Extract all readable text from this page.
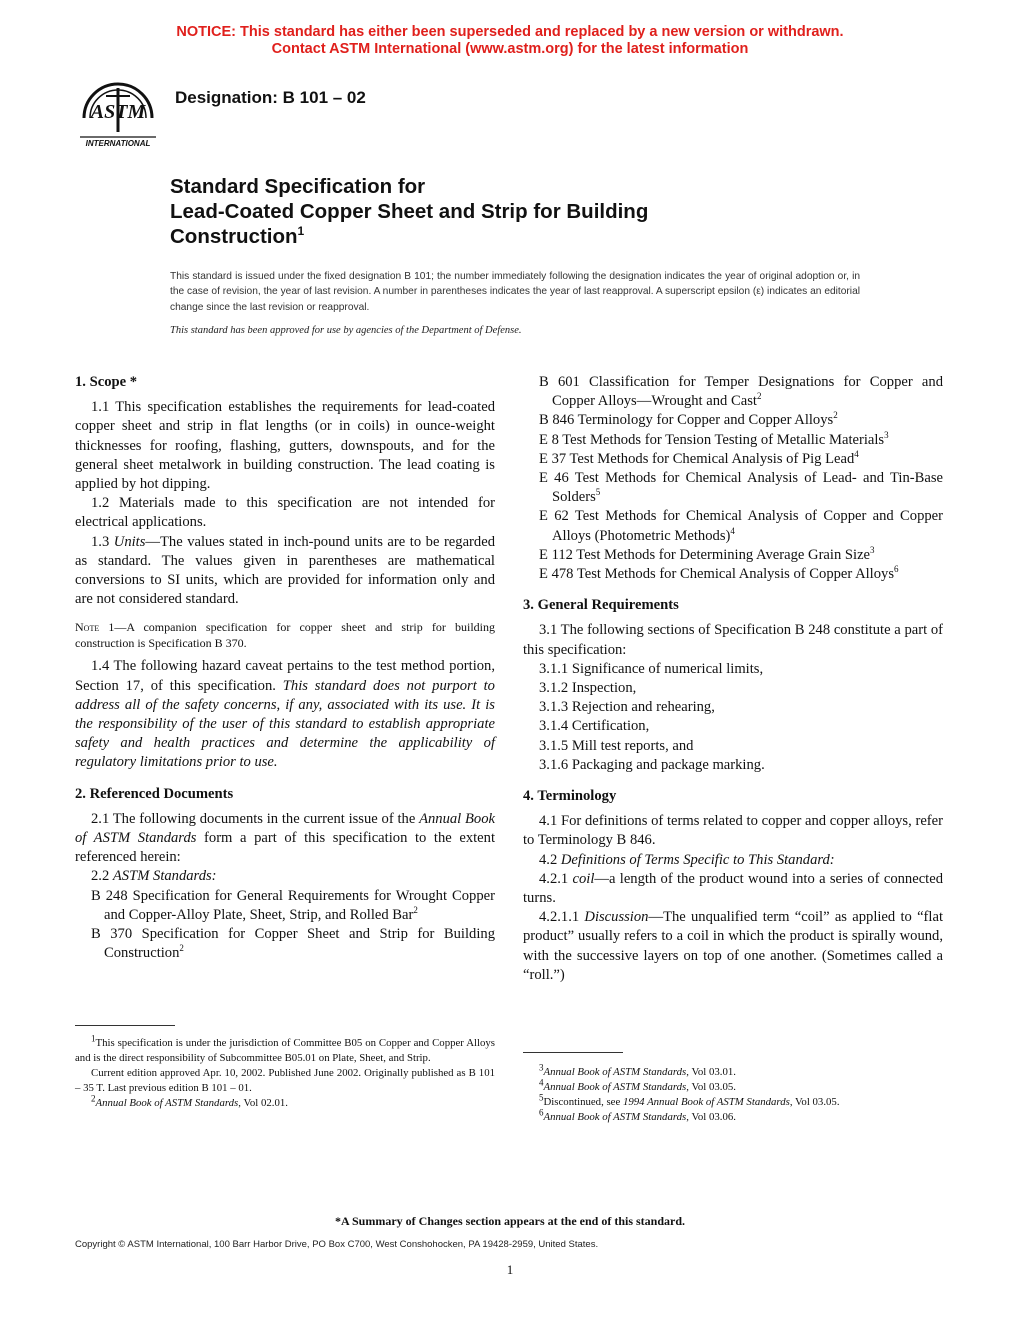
NOTICE: This standard has either been superseded and replaced by a new version or withdrawn.
Contact ASTM International (www.astm.org) for the latest information
ASTM
INTERNATIONAL
Designation: B 101 – 02
Standard Specification for
Lead-Coated Copper Sheet and Strip for Building
Construction$^1$
This standard is issued under the fixed designation B 101; the number immediately following the designation indicates the year of original adoption or, in the case of revision, the year of last revision. A number in parentheses indicates the year of last reapproval. A superscript epsilon (ε) indicates an editorial change since the last revision or reapproval.
This standard has been approved for use by agencies of the Department of Defense.

1. Scope *

1.1 This specification establishes the requirements for lead-coated copper sheet and strip in flat lengths (or in coils) in ounce-weight thicknesses for roofing, flashing, gutters, downspouts, and for the general sheet metalwork in building construction. The lead coating is applied by hot dipping.

1.2 Materials made to this specification are not intended for electrical applications.

1.3 Units—The values stated in inch-pound units are to be regarded as standard. The values given in parentheses are mathematical conversions to SI units, which are provided for information only and are not considered standard.

Note 1—A companion specification for copper sheet and strip for building construction is Specification B 370.

1.4 The following hazard caveat pertains to the test method portion, Section 17, of this specification. This standard does not purport to address all of the safety concerns, if any, associated with its use. It is the responsibility of the user of this standard to establish appropriate safety and health practices and determine the applicability of regulatory limitations prior to use.

2. Referenced Documents

2.1 The following documents in the current issue of the Annual Book of ASTM Standards form a part of this specification to the extent referenced herein:

2.2 ASTM Standards:

B 248 Specification for General Requirements for Wrought Copper and Copper-Alloy Plate, Sheet, Strip, and Rolled Bar$^2$

B 370 Specification for Copper Sheet and Strip for Building Construction$^2$

B 601 Classification for Temper Designations for Copper and Copper Alloys—Wrought and Cast$^2$

B 846 Terminology for Copper and Copper Alloys$^2$

E 8 Test Methods for Tension Testing of Metallic Materials$^3$

E 37 Test Methods for Chemical Analysis of Pig Lead$^4$

E 46 Test Methods for Chemical Analysis of Lead- and Tin-Base Solders$^5$

E 62 Test Methods for Chemical Analysis of Copper and Copper Alloys (Photometric Methods)$^4$

E 112 Test Methods for Determining Average Grain Size$^3$

E 478 Test Methods for Chemical Analysis of Copper Alloys$^6$

3. General Requirements

3.1 The following sections of Specification B 248 constitute a part of this specification:

3.1.1 Significance of numerical limits,

3.1.2 Inspection,

3.1.3 Rejection and rehearing,

3.1.4 Certification,

3.1.5 Mill test reports, and

3.1.6 Packaging and package marking.

4. Terminology

4.1 For definitions of terms related to copper and copper alloys, refer to Terminology B 846.

4.2 Definitions of Terms Specific to This Standard:

4.2.1 coil—a length of the product wound into a series of connected turns.

4.2.1.1 Discussion—The unqualified term “coil” as applied to “flat product” usually refers to a coil in which the product is spirally wound, with the successive layers on top of one another. (Sometimes called a “roll.”)

$^1$This specification is under the jurisdiction of Committee B05 on Copper and Copper Alloys and is the direct responsibility of Subcommittee B05.01 on Plate, Sheet, and Strip.

Current edition approved Apr. 10, 2002. Published June 2002. Originally published as B 101 – 35 T. Last previous edition B 101 – 01.

$^2$Annual Book of ASTM Standards, Vol 02.01.

$^3$Annual Book of ASTM Standards, Vol 03.01.

$^4$Annual Book of ASTM Standards, Vol 03.05.

$^5$Discontinued, see 1994 Annual Book of ASTM Standards, Vol 03.05.

$^6$Annual Book of ASTM Standards, Vol 03.06.

*A Summary of Changes section appears at the end of this standard.
Copyright © ASTM International, 100 Barr Harbor Drive, PO Box C700, West Conshohocken, PA 19428-2959, United States.
1
